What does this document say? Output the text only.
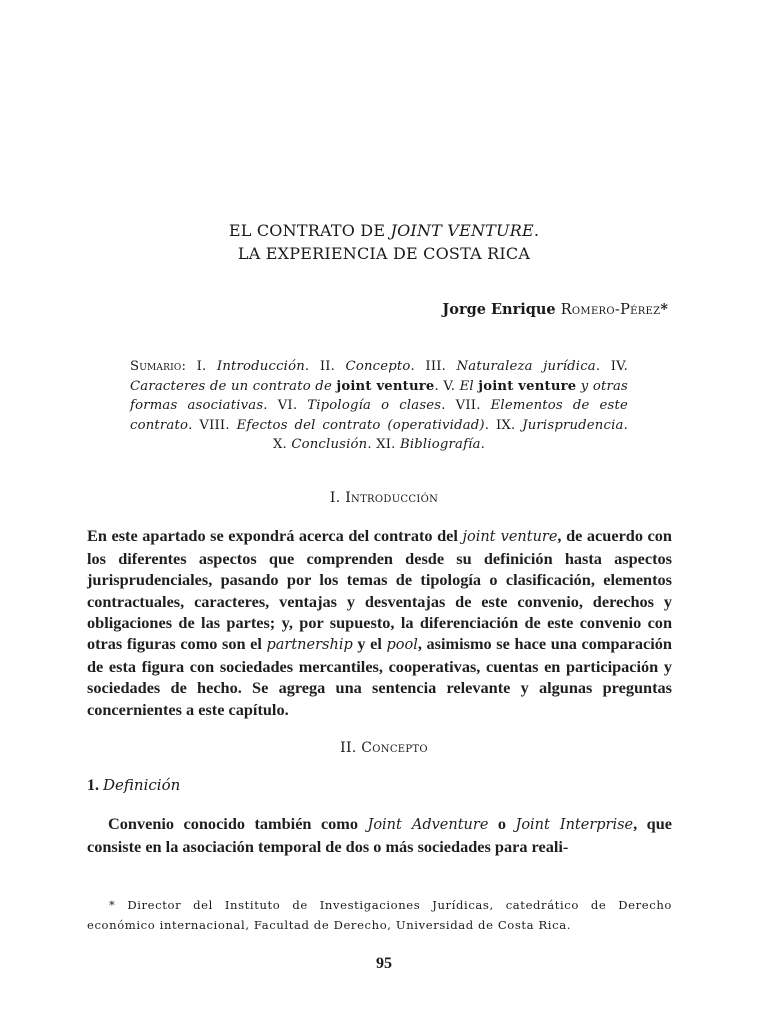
EL CONTRATO DE JOINT VENTURE.
LA EXPERIENCIA DE COSTA RICA
Jorge Enrique Romero-Pérez*
Sumario: I. Introducción. II. Concepto. III. Naturaleza jurídica. IV. Caracteres de un contrato de joint venture. V. El joint venture y otras formas asociativas. VI. Tipología o clases. VII. Elementos de este contrato. VIII. Efectos del contrato (operatividad). IX. Jurisprudencia. X. Conclusión. XI. Bibliografía.
I. Introducción
En este apartado se expondrá acerca del contrato del joint venture, de acuerdo con los diferentes aspectos que comprenden desde su definición hasta aspectos jurisprudenciales, pasando por los temas de tipología o clasificación, elementos contractuales, caracteres, ventajas y desventajas de este convenio, derechos y obligaciones de las partes; y, por supuesto, la diferenciación de este convenio con otras figuras como son el partnership y el pool, asimismo se hace una comparación de esta figura con sociedades mercantiles, cooperativas, cuentas en participación y sociedades de hecho. Se agrega una sentencia relevante y algunas preguntas concernientes a este capítulo.
II. Concepto
1. Definición
Convenio conocido también como Joint Adventure o Joint Interprise, que consiste en la asociación temporal de dos o más sociedades para reali-
* Director del Instituto de Investigaciones Jurídicas, catedrático de Derecho económico internacional, Facultad de Derecho, Universidad de Costa Rica.
95
